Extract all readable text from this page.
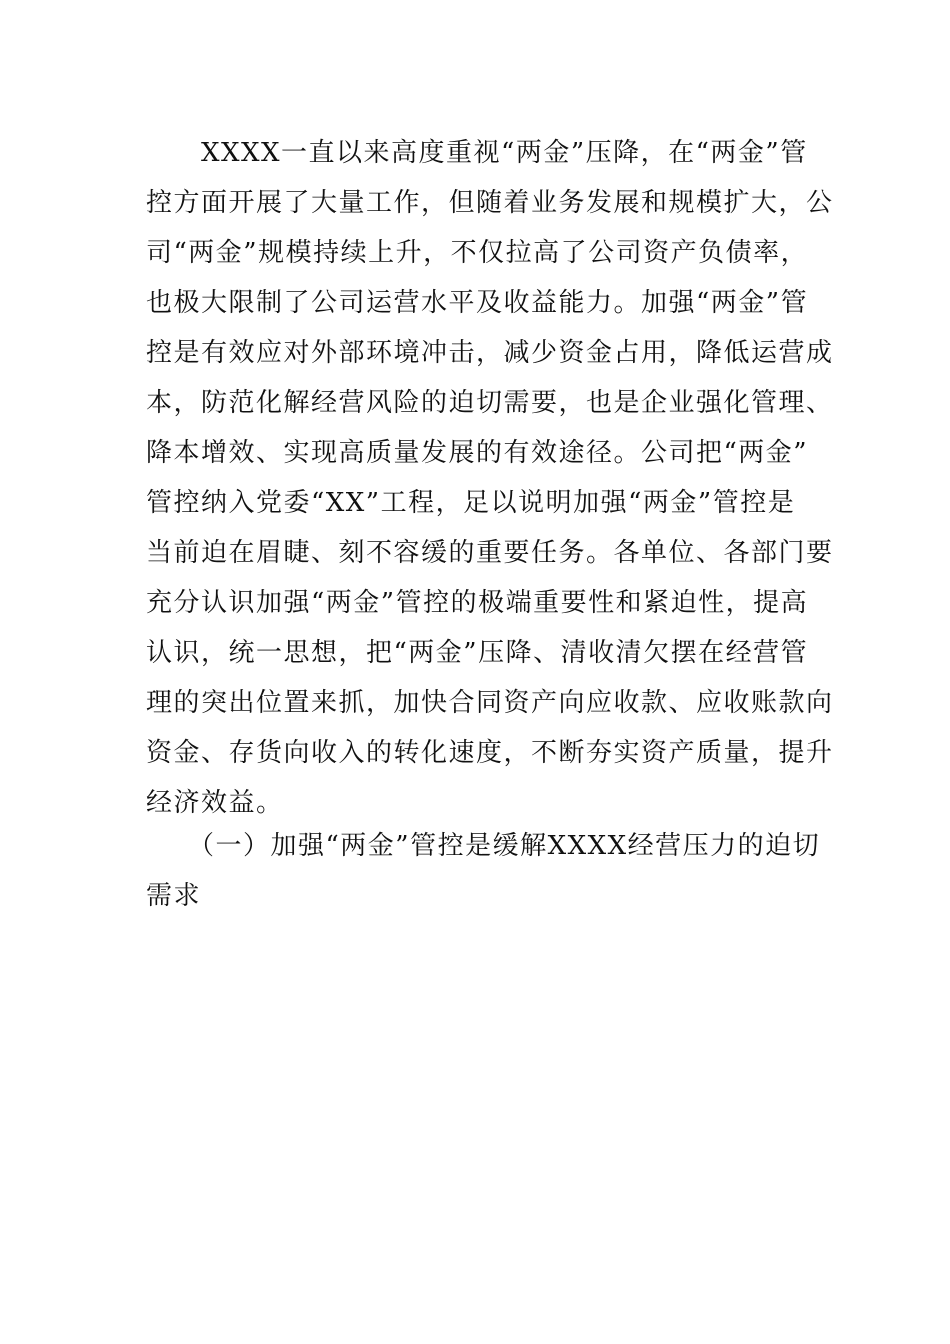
　　XXXX一直以来高度重视“两金”压降，在“两金”管
控方面开展了大量工作，但随着业务发展和规模扩大，公
司“两金”规模持续上升，不仅拉高了公司资产负债率，
也极大限制了公司运营水平及收益能力。加强“两金”管
控是有效应对外部环境冲击，减少资金占用，降低运营成
本，防范化解经营风险的迫切需要，也是企业强化管理、
降本增效、实现高质量发展的有效途径。公司把“两金”
管控纳入党委“XX”工程，足以说明加强“两金”管控是
当前迫在眉睫、刻不容缓的重要任务。各单位、各部门要
充分认识加强“两金”管控的极端重要性和紧迫性，提高
认识，统一思想，把“两金”压降、清收清欠摆在经营管
理的突出位置来抓，加快合同资产向应收款、应收账款向
资金、存货向收入的转化速度，不断夯实资产质量，提升
经济效益。
　　（一）加强“两金”管控是缓解XXXX经营压力的迫切
需求
